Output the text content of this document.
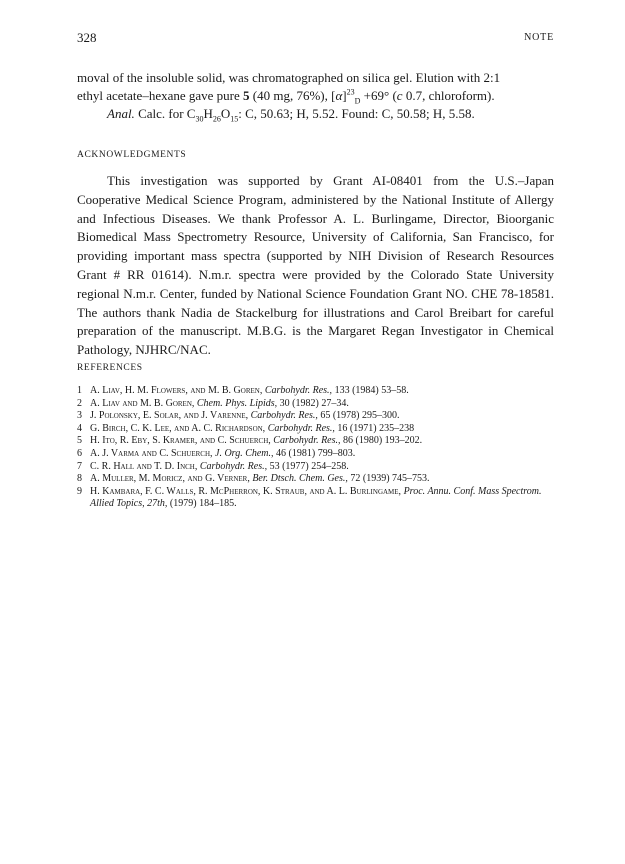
328	NOTE

moval of the insoluble solid, was chromatographed on silica gel. Elution with 2:1
ethyl acetate–hexane gave pure 5 (40 mg, 76%), $[\alpha]^{23}_D +69^\circ$ (c 0.7, chloroform).
Anal. Calc. for $C_{30}H_{26}O_{15}$: C, 50.63; H, 5.52. Found: C, 50.58; H, 5.58.

ACKNOWLEDGMENTS

This investigation was supported by Grant AI-08401 from the U.S.–Japan Cooperative Medical Science Program, administered by the National Institute of Allergy and Infectious Diseases. We thank Professor A. L. Burlingame, Director, Bioorganic Biomedical Mass Spectrometry Resource, University of California, San Francisco, for providing important mass spectra (supported by NIH Division of Research Resources Grant # RR 01614). N.m.r. spectra were provided by the Colorado State University regional N.m.r. Center, funded by National Science Foundation Grant NO. CHE 78-18581. The authors thank Nadia de Stackelburg for illustrations and Carol Breibart for careful preparation of the manuscript. M.B.G. is the Margaret Regan Investigator in Chemical Pathology, NJHRC/NAC.

REFERENCES
1 A. Liav, H. M. Flowers, and M. B. Goren, Carbohydr. Res., 133 (1984) 53–58.
2 A. Liav and M. B. Goren, Chem. Phys. Lipids, 30 (1982) 27–34.
3 J. Polonsky, E. Solar, and J. Varenne, Carbohydr. Res., 65 (1978) 295–300.
4 G. Birch, C. K. Lee, and A. C. Richardson, Carbohydr. Res., 16 (1971) 235–238
5 H. Ito, R. Eby, S. Kramer, and C. Schuerch, Carbohydr. Res., 86 (1980) 193–202.
6 A. J. Varma and C. Schuerch, J. Org. Chem., 46 (1981) 799–803.
7 C. R. Hall and T. D. Inch, Carbohydr. Res., 53 (1977) 254–258.
8 A. Muller, M. Moricz, and G. Verner, Ber. Dtsch. Chem. Ges., 72 (1939) 745–753.
9 H. Kambara, F. C. Walls, R. McPherron, K. Straub, and A. L. Burlingame, Proc. Annu. Conf. Mass Spectrom. Allied Topics, 27th, (1979) 184–185.
